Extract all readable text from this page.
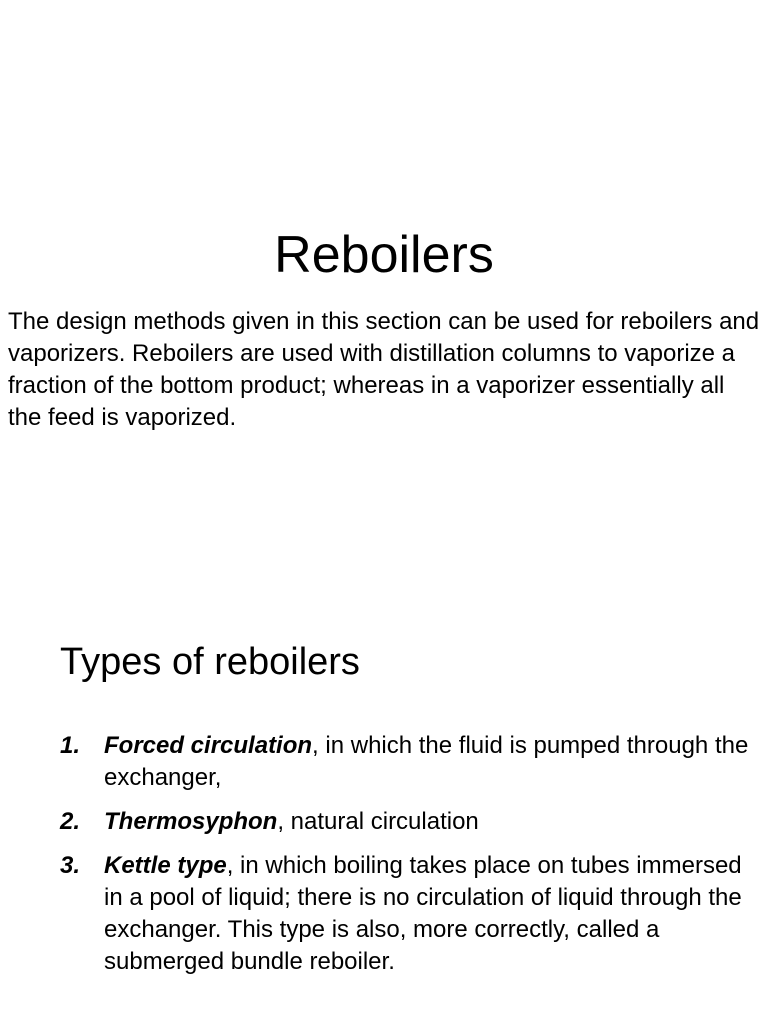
Reboilers

The design methods given in this section can be used for reboilers and vaporizers. Reboilers are used with distillation columns to vaporize a fraction of the bottom product; whereas in a vaporizer essentially all the feed is vaporized.

Types of reboilers
1. Forced circulation, in which the fluid is pumped through the exchanger,
2. Thermosyphon, natural circulation
3. Kettle type, in which boiling takes place on tubes immersed in a pool of liquid; there is no circulation of liquid through the exchanger. This type is also, more correctly, called a submerged bundle reboiler.
